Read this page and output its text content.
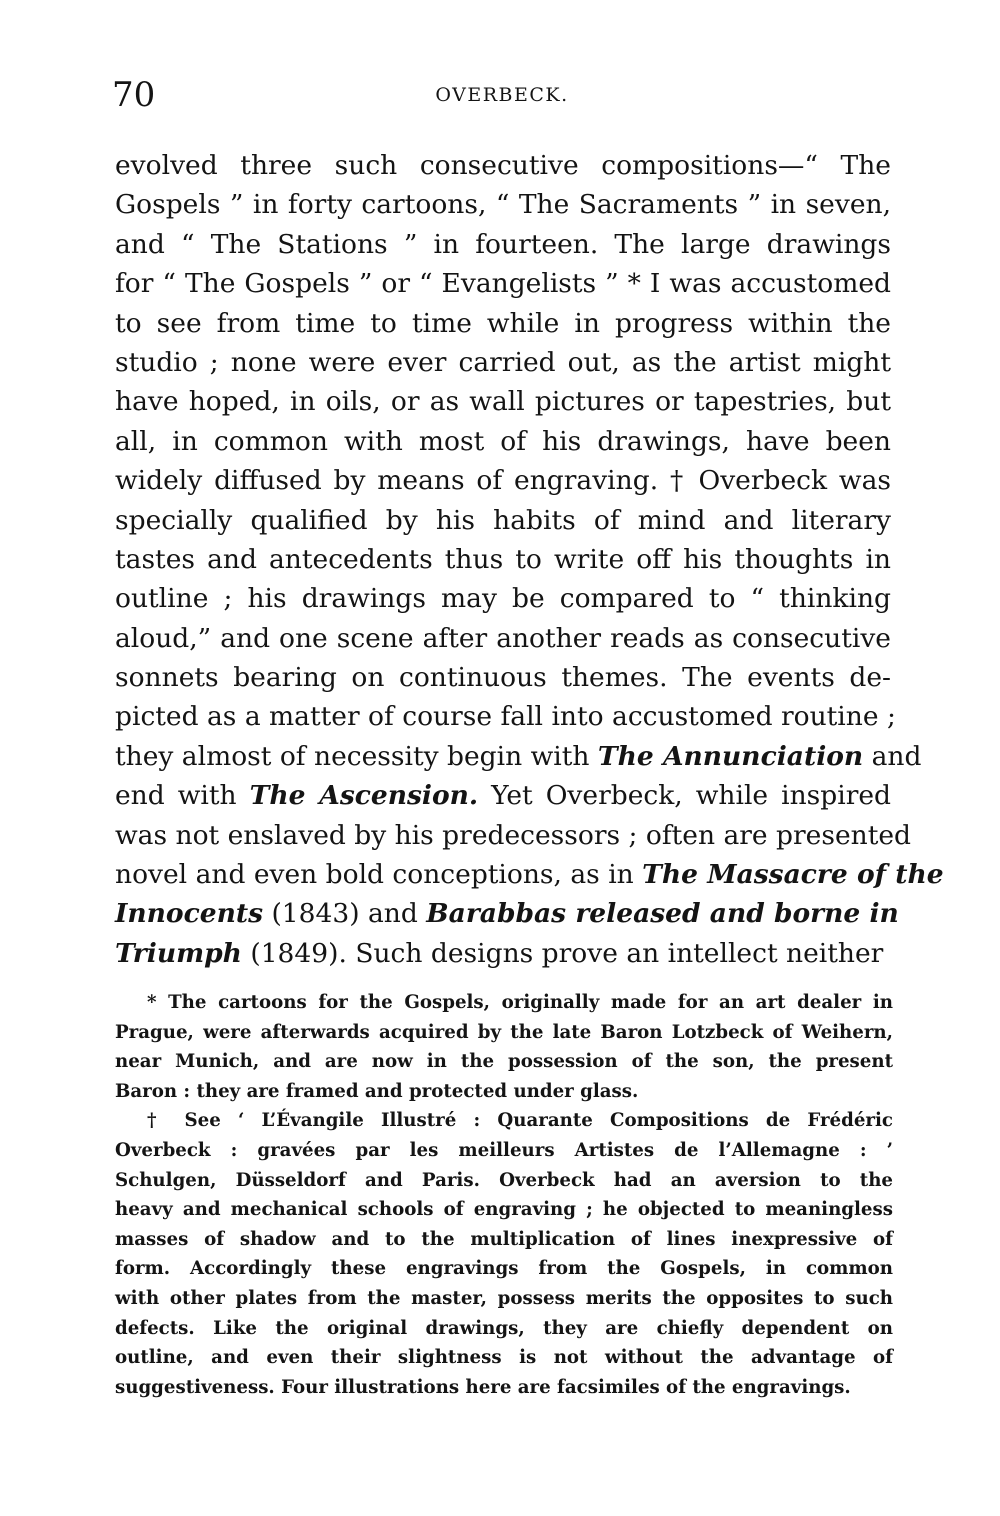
70	OVERBECK.
evolved three such consecutive compositions—“ The
Gospels ” in forty cartoons, “ The Sacraments ” in seven,
and “ The Stations ” in fourteen. The large drawings
for “ The Gospels ” or “ Evangelists ” * I was accustomed
to see from time to time while in progress within the
studio ; none were ever carried out, as the artist might
have hoped, in oils, or as wall pictures or tapestries, but
all, in common with most of his drawings, have been
widely diffused by means of engraving. † Overbeck was
specially qualified by his habits of mind and literary
tastes and antecedents thus to write off his thoughts in
outline ; his drawings may be compared to “ thinking
aloud,” and one scene after another reads as consecutive
sonnets bearing on continuous themes. The events de-
picted as a matter of course fall into accustomed routine ;
they almost of necessity begin with The Annunciation and
end with The Ascension. Yet Overbeck, while inspired
was not enslaved by his predecessors ; often are presented
novel and even bold conceptions, as in The Massacre of the
Innocents (1843) and Barabbas released and borne in
Triumph (1849). Such designs prove an intellect neither
* The cartoons for the Gospels, originally made for an art dealer in
Prague, were afterwards acquired by the late Baron Lotzbeck of Weihern,
near Munich, and are now in the possession of the son, the present
Baron : they are framed and protected under glass.
† See ‘ L’Évangile Illustré : Quarante Compositions de Frédéric
Overbeck : gravées par les meilleurs Artistes de l’Allemagne : ’
Schulgen, Düsseldorf and Paris. Overbeck had an aversion to the
heavy and mechanical schools of engraving ; he objected to meaningless
masses of shadow and to the multiplication of lines inexpressive of
form. Accordingly these engravings from the Gospels, in common
with other plates from the master, possess merits the opposites to such
defects. Like the original drawings, they are chiefly dependent on
outline, and even their slightness is not without the advantage of
suggestiveness. Four illustrations here are facsimiles of the engravings.
